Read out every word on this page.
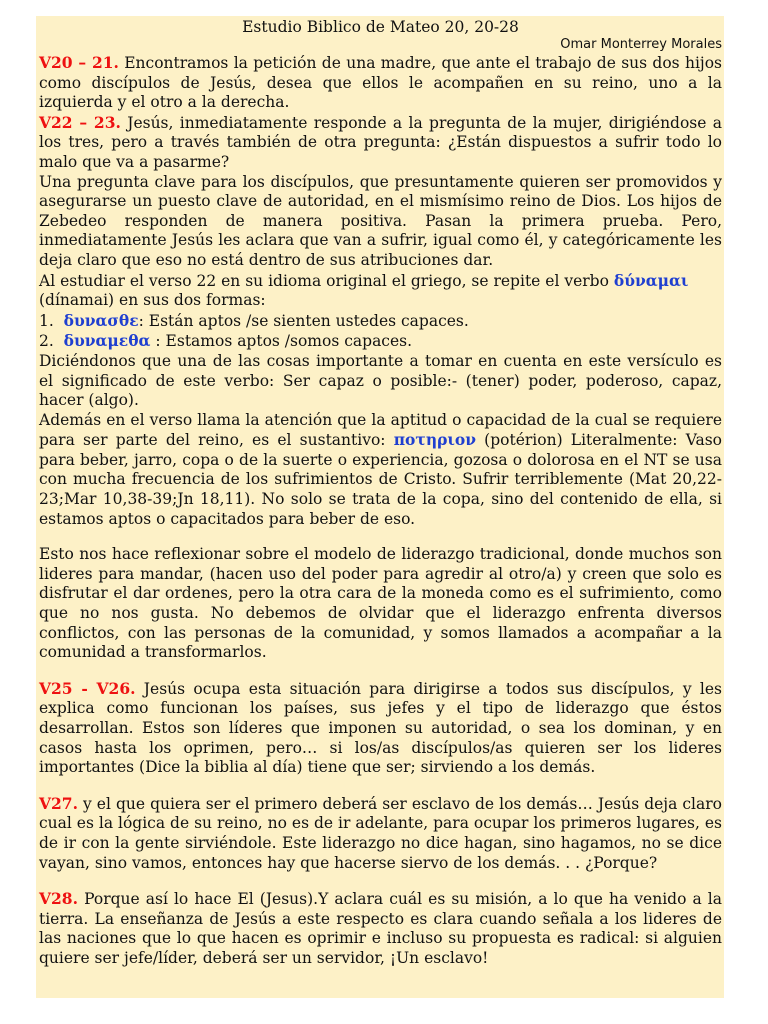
Estudio Biblico de Mateo 20, 20-28
Omar Monterrey Morales

V20 – 21. Encontramos la petición de una madre, que ante el trabajo de sus dos hijos como discípulos de Jesús, desea que ellos le acompañen en su reino, uno a la izquierda y el otro a la derecha.

V22 – 23. Jesús, inmediatamente responde a la pregunta de la mujer, dirigiéndose a los tres, pero a través también de otra pregunta: ¿Están dispuestos a sufrir todo lo malo que va a pasarme?

Una pregunta clave para los discípulos, que presuntamente quieren ser promovidos y asegurarse un puesto clave de autoridad, en el mismísimo reino de Dios. Los hijos de Zebedeo responden de manera positiva. Pasan la primera prueba. Pero, inmediatamente Jesús les aclara que van a sufrir, igual como él, y categóricamente les deja claro que eso no está dentro de sus atribuciones dar.

Al estudiar el verso 22 en su idioma original el griego, se repite el verbo δύναμαι
(dínamai) en sus dos formas:

1. δυνασθε: Están aptos /se sienten ustedes capaces.

2. δυναμεθα : Estamos aptos /somos capaces.

Diciéndonos que una de las cosas importante a tomar en cuenta en este versículo es el significado de este verbo: Ser capaz o posible:- (tener) poder, poderoso, capaz, hacer (algo).

Además en el verso llama la atención que la aptitud o capacidad de la cual se requiere para ser parte del reino, es el sustantivo: ποτηριον (potérion) Literalmente: Vaso para beber, jarro, copa o de la suerte o experiencia, gozosa o dolorosa en el NT se usa con mucha frecuencia de los sufrimientos de Cristo. Sufrir terriblemente (Mat 20,22-23;Mar 10,38-39;Jn 18,11). No solo se trata de la copa, sino del contenido de ella, si estamos aptos o capacitados para beber de eso.

Esto nos hace reflexionar sobre el modelo de liderazgo tradicional, donde muchos son lideres para mandar, (hacen uso del poder para agredir al otro/a) y creen que solo es disfrutar el dar ordenes, pero la otra cara de la moneda como es el sufrimiento, como que no nos gusta. No debemos de olvidar que el liderazgo enfrenta diversos conflictos, con las personas de la comunidad, y somos llamados a acompañar a la comunidad a transformarlos.

V25 - V26. Jesús ocupa esta situación para dirigirse a todos sus discípulos, y les explica como funcionan los países, sus jefes y el tipo de liderazgo que éstos desarrollan. Estos son líderes que imponen su autoridad, o sea los dominan, y en casos hasta los oprimen, pero… si los/as discípulos/as quieren ser los lideres importantes (Dice la biblia al día) tiene que ser; sirviendo a los demás.

V27. y el que quiera ser el primero deberá ser esclavo de los demás… Jesús deja claro cual es la lógica de su reino, no es de ir adelante, para ocupar los primeros lugares, es de ir con la gente sirviéndole. Este liderazgo no dice hagan, sino hagamos, no se dice vayan, sino vamos, entonces hay que hacerse siervo de los demás. . . ¿Porque?

V28. Porque así lo hace El (Jesus).Y aclara cuál es su misión, a lo que ha venido a la tierra. La enseñanza de Jesús a este respecto es clara cuando señala a los lideres de las naciones que lo que hacen es oprimir e incluso su propuesta es radical: si alguien quiere ser jefe/líder, deberá ser un servidor, ¡Un esclavo!
